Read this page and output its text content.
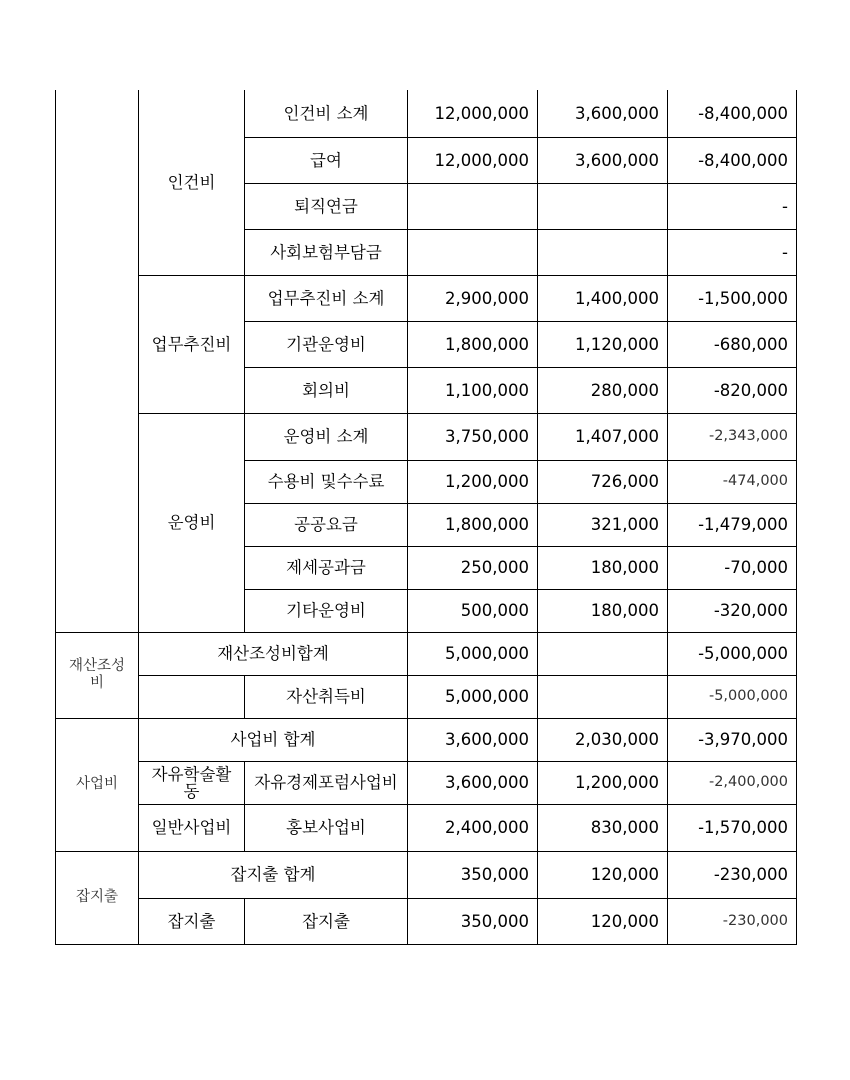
	인건비	인건비 소계	12,000,000	3,600,000	-8,400,000
		급여	12,000,000	3,600,000	-8,400,000
		퇴직연금			-
		사회보험부담금			-
	업무추진비	업무추진비 소계	2,900,000	1,400,000	-1,500,000
		기관운영비	1,800,000	1,120,000	-680,000
		회의비	1,100,000	280,000	-820,000
	운영비	운영비 소계	3,750,000	1,407,000	-2,343,000
		수용비 및수수료	1,200,000	726,000	-474,000
		공공요금	1,800,000	321,000	-1,479,000
		제세공과금	250,000	180,000	-70,000
		기타운영비	500,000	180,000	-320,000
재산조성비	재산조성비합계		5,000,000		-5,000,000
		자산취득비	5,000,000		-5,000,000
사업비	사업비 합계		3,600,000	2,030,000	-3,970,000
	자유학술활동	자유경제포럼사업비	3,600,000	1,200,000	-2,400,000
	일반사업비	홍보사업비	2,400,000	830,000	-1,570,000
잡지출	잡지출 합계		350,000	120,000	-230,000
	잡지출	잡지출	350,000	120,000	-230,000
